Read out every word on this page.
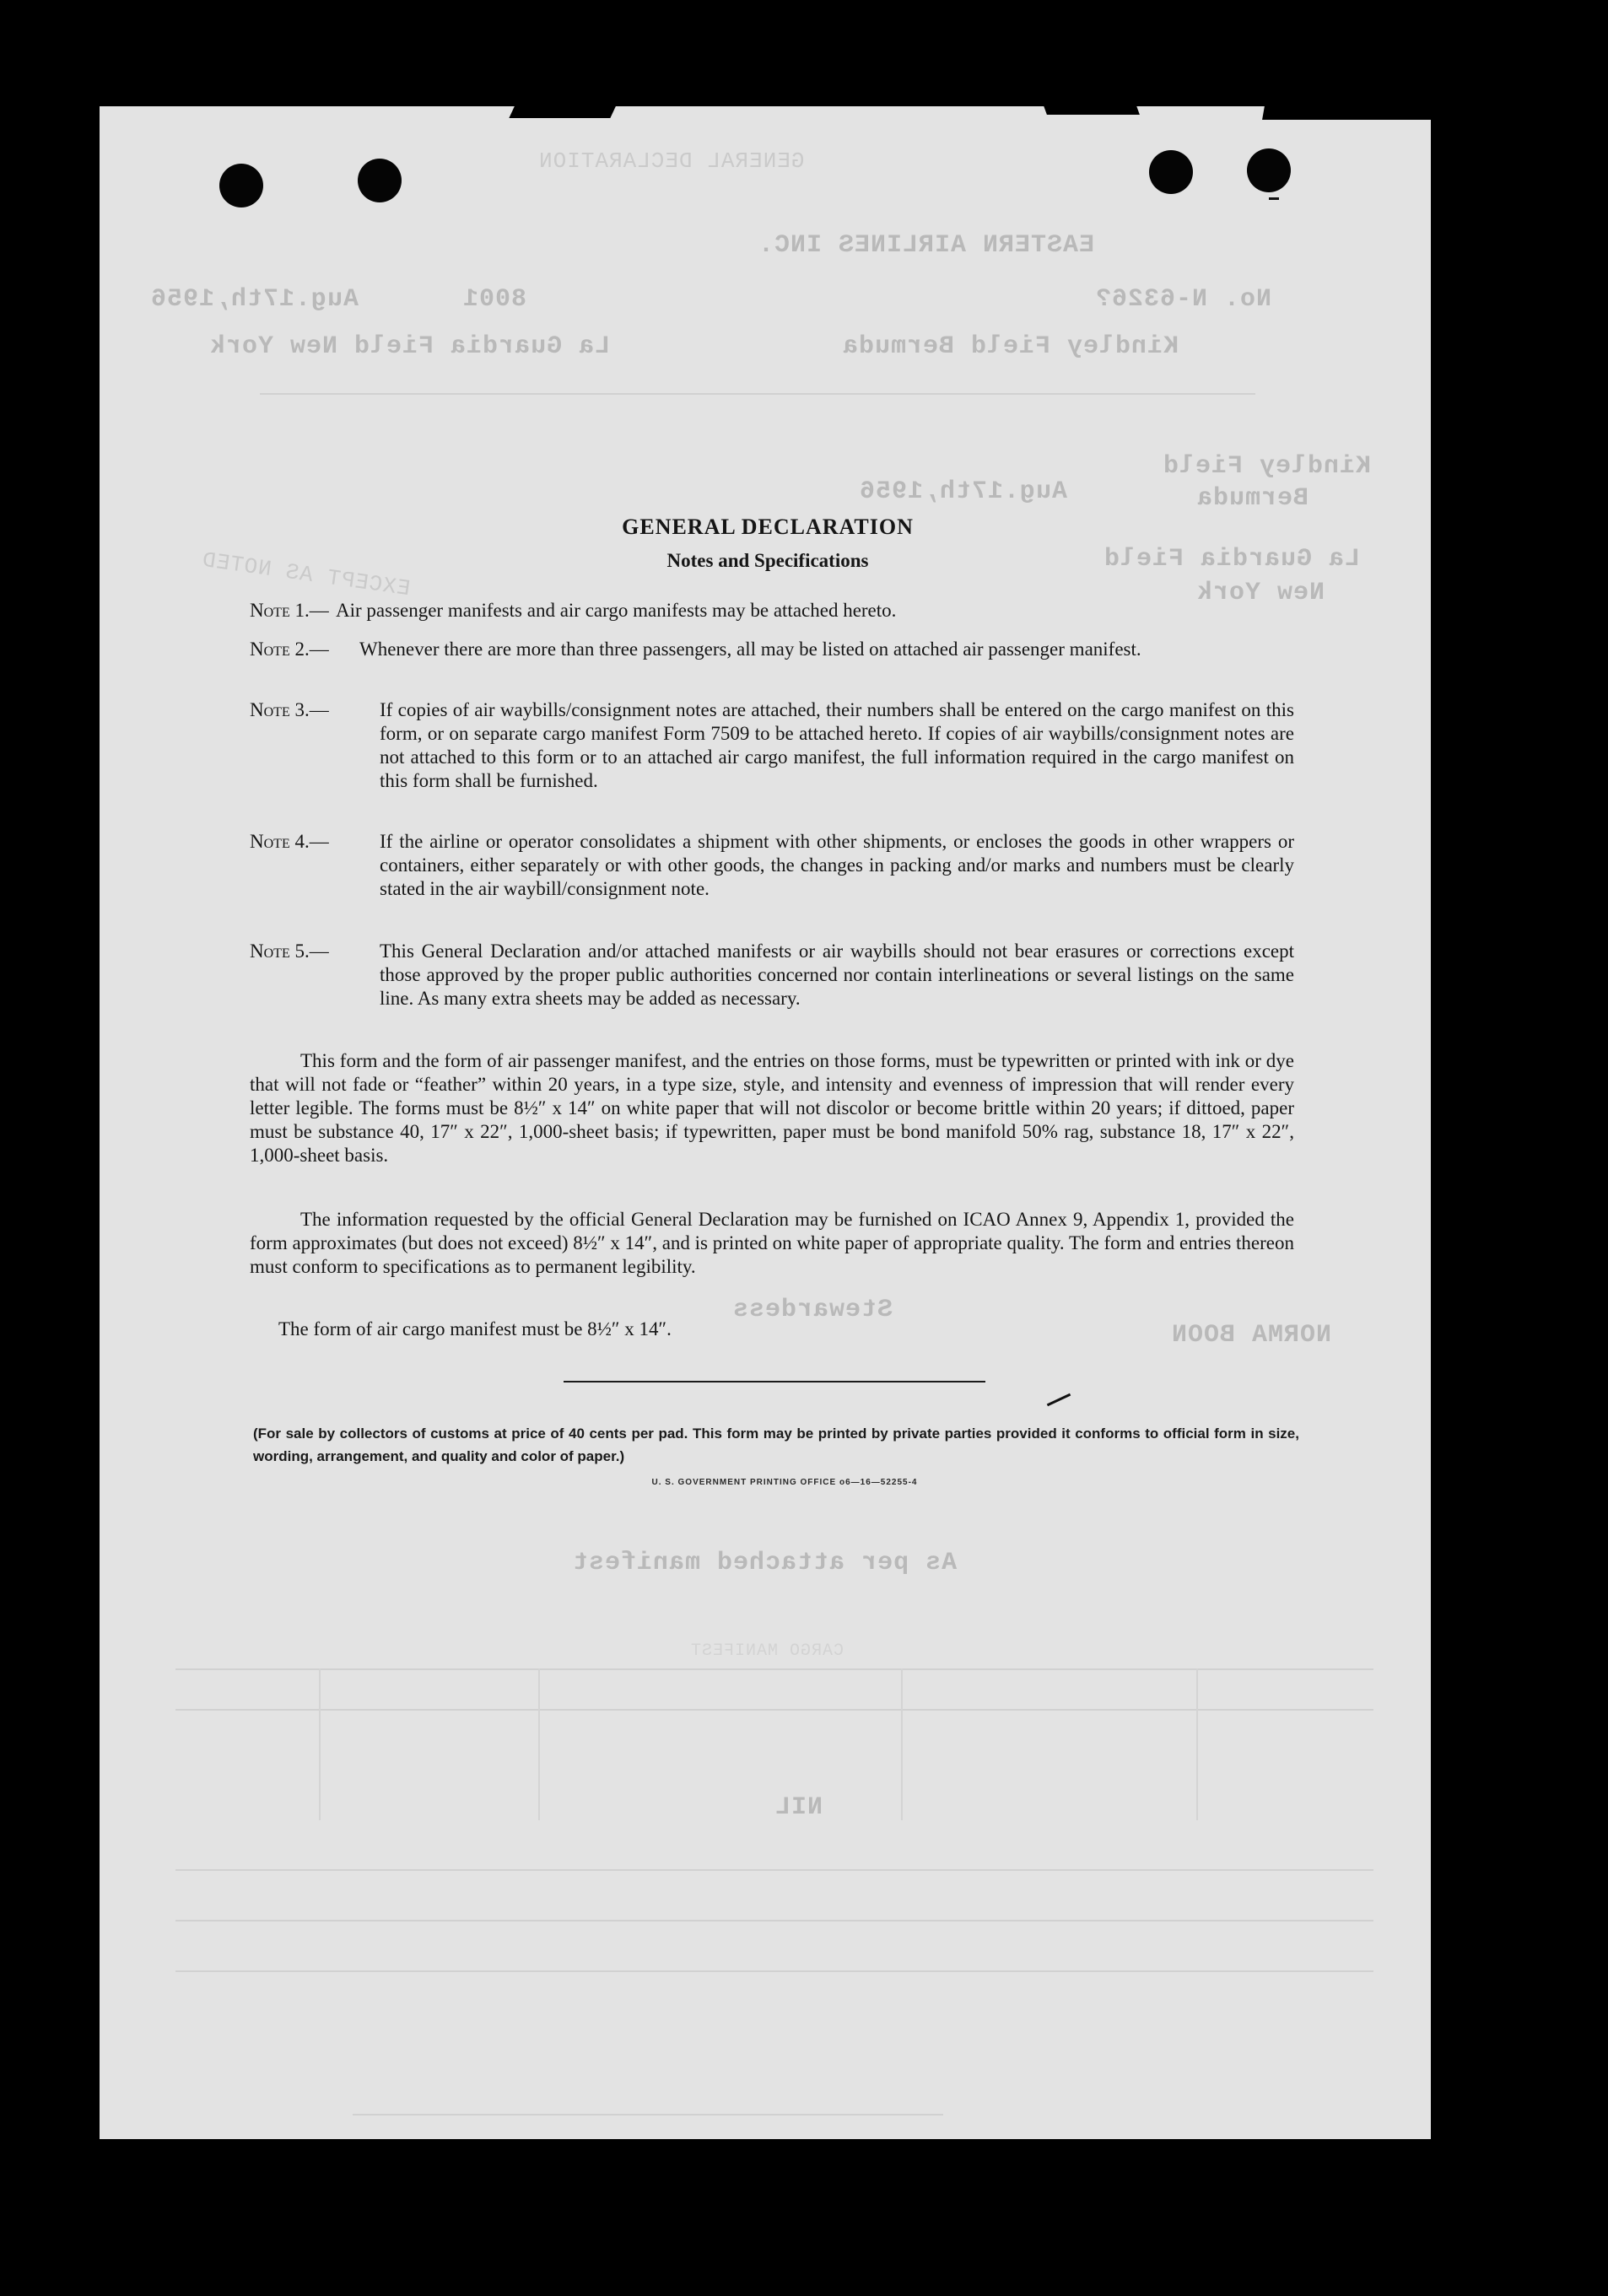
GENERAL DECLARATION
EASTERN AIRLINES INC.
No. N-6326?
8001
Aug.17th,1956
Kindley Field Bermuda
La Guardia Field New York
Kindley Field
Bermuda
Aug.17th,1956
La Guardia Field
New York
EXCEPT AS NOTED
Stewardess
NORMA BOON
As per attached manifest
CARGO MANIFEST
NIL
GENERAL DECLARATION
Notes and Specifications
Note 1.— Air passenger manifests and air cargo manifests may be attached hereto.
Note 2.— Whenever there are more than three passengers, all may be listed on attached air passenger manifest.
Note 3.—	If copies of air waybills/consignment notes are attached, their numbers shall be entered on the cargo manifest on this form, or on separate cargo manifest Form 7509 to be attached hereto. If copies of air waybills/consignment notes are not attached to this form or to an attached air cargo manifest, the full information required in the cargo manifest on this form shall be furnished.
Note 4.—	If the airline or operator consolidates a shipment with other shipments, or encloses the goods in other wrappers or containers, either separately or with other goods, the changes in packing and/or marks and numbers must be clearly stated in the air waybill/consignment note.
Note 5.—	This General Declaration and/or attached manifests or air waybills should not bear erasures or corrections except those approved by the proper public authorities concerned nor contain interlineations or several listings on the same line. As many extra sheets may be added as necessary.
This form and the form of air passenger manifest, and the entries on those forms, must be typewritten or printed with ink or dye that will not fade or “feather” within 20 years, in a type size, style, and intensity and evenness of impression that will render every letter legible. The forms must be 8½″ x 14″ on white paper that will not discolor or become brittle within 20 years; if dittoed, paper must be substance 40, 17″ x 22″, 1,000-sheet basis; if typewritten, paper must be bond manifold 50% rag, substance 18, 17″ x 22″, 1,000-sheet basis.
The information requested by the official General Declaration may be furnished on ICAO Annex 9, Appendix 1, provided the form approximates (but does not exceed) 8½″ x 14″, and is printed on white paper of appropriate quality. The form and entries thereon must conform to specifications as to permanent legibility.
The form of air cargo manifest must be 8½″ x 14″.
(For sale by collectors of customs at price of 40 cents per pad. This form may be printed by private parties provided it conforms to official form in size, wording, arrangement, and quality and color of paper.)
U. S. GOVERNMENT PRINTING OFFICE o6—16—52255-4
